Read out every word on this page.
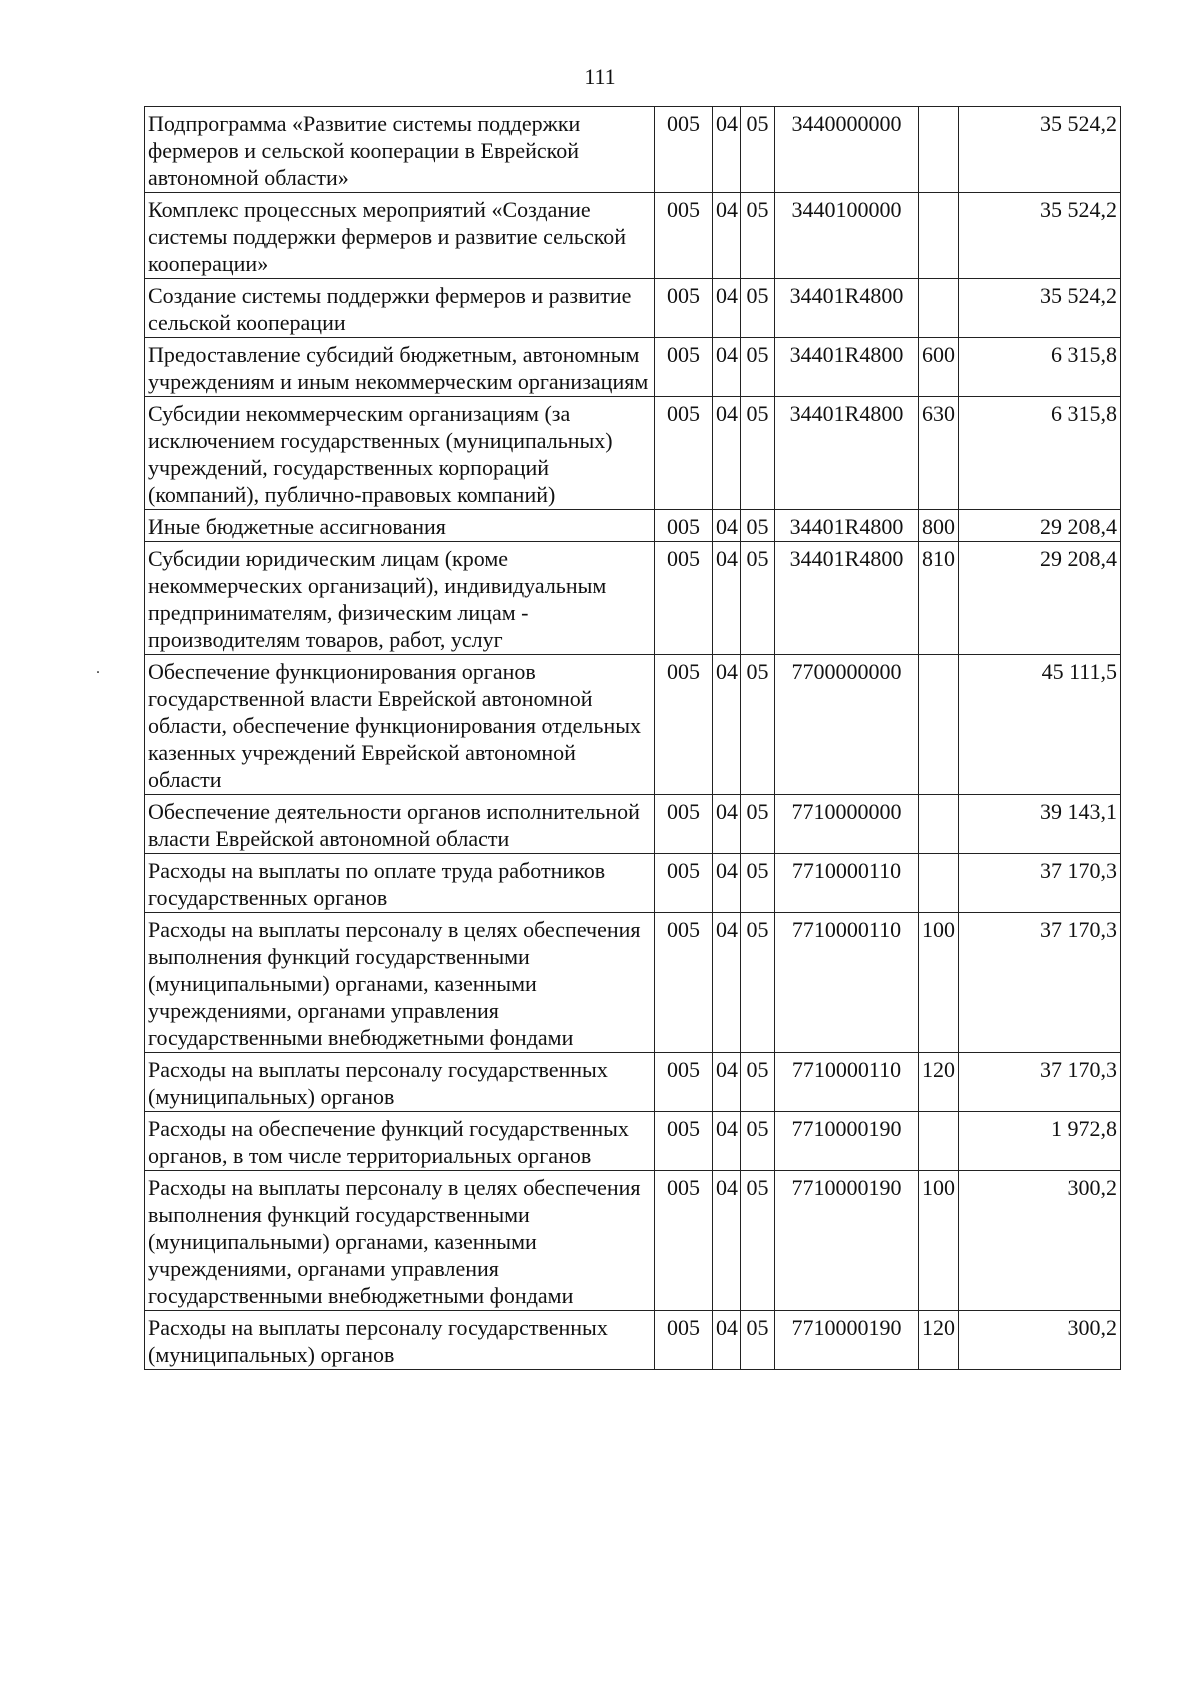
111
Подпрограмма «Развитие системы поддержки фермеров и сельской кооперации в Еврейской автономной области»	005	04	05	3440000000		35 524,2
Комплекс процессных мероприятий «Создание системы поддержки фермеров и развитие сельской кооперации»	005	04	05	3440100000		35 524,2
Создание системы поддержки фермеров и развитие сельской кооперации	005	04	05	34401R4800		35 524,2
Предоставление субсидий бюджетным, автономным учреждениям и иным некоммерческим организациям	005	04	05	34401R4800	600	6 315,8
Субсидии некоммерческим организациям (за исключением государственных (муниципальных) учреждений, государственных корпораций (компаний), публично-правовых компаний)	005	04	05	34401R4800	630	6 315,8
Иные бюджетные ассигнования	005	04	05	34401R4800	800	29 208,4
Субсидии юридическим лицам (кроме некоммерческих организаций), индивидуальным предпринимателям, физическим лицам - производителям товаров, работ, услуг	005	04	05	34401R4800	810	29 208,4
Обеспечение функционирования органов государственной власти Еврейской автономной области, обеспечение функционирования отдельных казенных учреждений Еврейской автономной области	005	04	05	7700000000		45 111,5
Обеспечение деятельности органов исполнительной власти Еврейской автономной области	005	04	05	7710000000		39 143,1
Расходы на выплаты по оплате труда работников государственных органов	005	04	05	7710000110		37 170,3
Расходы на выплаты персоналу в целях обеспечения выполнения функций государственными (муниципальными) органами, казенными учреждениями, органами управления государственными внебюджетными фондами	005	04	05	7710000110	100	37 170,3
Расходы на выплаты персоналу государственных (муниципальных) органов	005	04	05	7710000110	120	37 170,3
Расходы на обеспечение функций государственных органов, в том числе территориальных органов	005	04	05	7710000190		1 972,8
Расходы на выплаты персоналу в целях обеспечения выполнения функций государственными (муниципальными) органами, казенными учреждениями, органами управления государственными внебюджетными фондами	005	04	05	7710000190	100	300,2
Расходы на выплаты персоналу государственных (муниципальных) органов	005	04	05	7710000190	120	300,2
.
